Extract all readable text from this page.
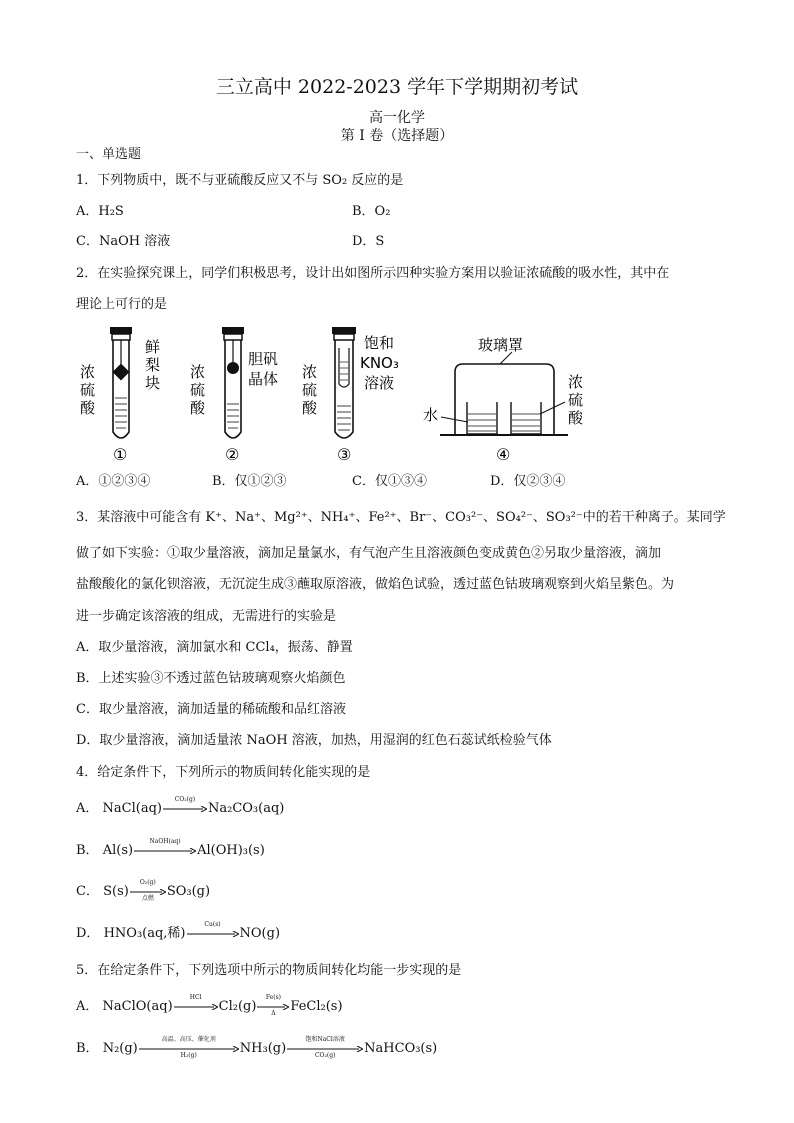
三立高中 2022-2023 学年下学期期初考试
高一化学
第 I 卷（选择题）
一、单选题
1．下列物质中，既不与亚硫酸反应又不与 SO₂ 反应的是
A．H₂S	B．O₂
C．NaOH 溶液	D．S
2．在实验探究课上，同学们积极思考，设计出如图所示四种实验方案用以验证浓硫酸的吸水性，其中在
理论上可行的是
浓
硫
酸
鲜
梨
块
①
浓
硫
酸
胆矾
晶体
②
浓
硫
酸
饱和
KNO₃
溶液
③
玻璃罩
水
浓
硫
酸
④
A．①②③④	B．仅①②③	C．仅①③④	D．仅②③④
3．某溶液中可能含有 K⁺、Na⁺、Mg²⁺、NH₄⁺、Fe²⁺、Br⁻、CO₃²⁻、SO₄²⁻、SO₃²⁻中的若干种离子。某同学
做了如下实验：①取少量溶液，滴加足量氯水，有气泡产生且溶液颜色变成黄色②另取少量溶液，滴加
盐酸酸化的氯化钡溶液，无沉淀生成③蘸取原溶液，做焰色试验，透过蓝色钴玻璃观察到火焰呈紫色。为
进一步确定该溶液的组成，无需进行的实验是
A．取少量溶液，滴加氯水和 CCl₄，振荡、静置
B．上述实验③不透过蓝色钴玻璃观察火焰颜色
C．取少量溶液，滴加适量的稀硫酸和品红溶液
D．取少量溶液，滴加适量浓 NaOH 溶液，加热，用湿润的红色石蕊试纸检验气体
4．给定条件下，下列所示的物质间转化能实现的是
A． NaCl(aq)
CO₂(g)
Na₂CO₃(aq)
B． Al(s)
NaOH(aq)
Al(OH)₃(s)
C． S(s)
O₂(g)
点燃	SO₃(g)
D． HNO₃(aq,稀)
Cu(s)
NO(g)
5．在给定条件下，下列选项中所示的物质间转化均能一步实现的是
A． NaClO(aq)
HCl
Cl₂(g)
Fe(s)
Δ	FeCl₂(s)
B． N₂(g)
高温、高压、催化剂
H₂(g)	NH₃(g)
饱和NaCl溶液
CO₂(g)	NaHCO₃(s)
